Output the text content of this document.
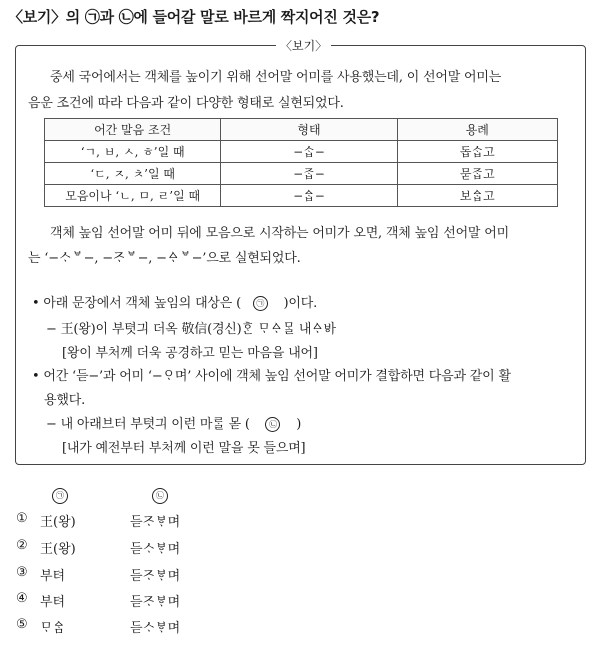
〈보기〉의 ㉠과 ㉡에 들어갈 말로 바르게 짝지어진 것은?
〈보기〉
중세 국어에서는 객체를 높이기 위해 선어말 어미를 사용했는데, 이 선어말 어미는
음운 조건에 따라 다음과 같이 다양한 형태로 실현되었다.
어간 말음 조건	형태	용례
‘ㄱ, ㅂ, ㅅ, ㅎ’일 때	−ᄉᆞᆸ−	돕ᄉᆞᆸ고
‘ㄷ, ㅈ, ㅊ’일 때	−ᄌᆞᆸ−	묻ᄌᆞᆸ고
모음이나 ‘ㄴ, ㅁ, ㄹ’일 때	−ᅀᆞᆸ−	보ᅀᆞᆸ고
객체 높임 선어말 어미 뒤에 모음으로 시작하는 어미가 오면, 객체 높임 선어말 어미
는 ‘−ᄉᆞᄫ−, −ᄌᆞᄫ−, −ᅀᆞᄫ−’으로 실현되었다.
• 아래 문장에서 객체 높임의 대상은 ( ㉠ )이다.
− 王(왕)이 부텻긔 더옥 敬信(경신)ᄒᆞᆫ ᄆᆞᅀᆞᄆᆞᆯ 내ᅀᆞᄫᅡ
[왕이 부처께 더욱 공경하고 믿는 마음을 내어]
• 어간 ‘듣−’과 어미 ‘−ᄋᆞ며’ 사이에 객체 높임 선어말 어미가 결합하면 다음과 같이 활
용했다.
− 내 아래브터 부텻긔 이런 마ᄅᆞᆯ 몯 ( ㉡ )
[내가 예전부터 부처께 이런 말을 못 들으며]
㉠	㉡
① 王(왕)	듣ᄌᆞᄫᆞ며
② 王(왕)	듣ᄉᆞᄫᆞ며
③ 부텨	듣ᄌᆞᄫᆞ며
④ 부텨	듣ᄌᆞᄫᆞ며
⑤ ᄆᆞᅀᆞᆷ	듣ᄉᆞᄫᆞ며
